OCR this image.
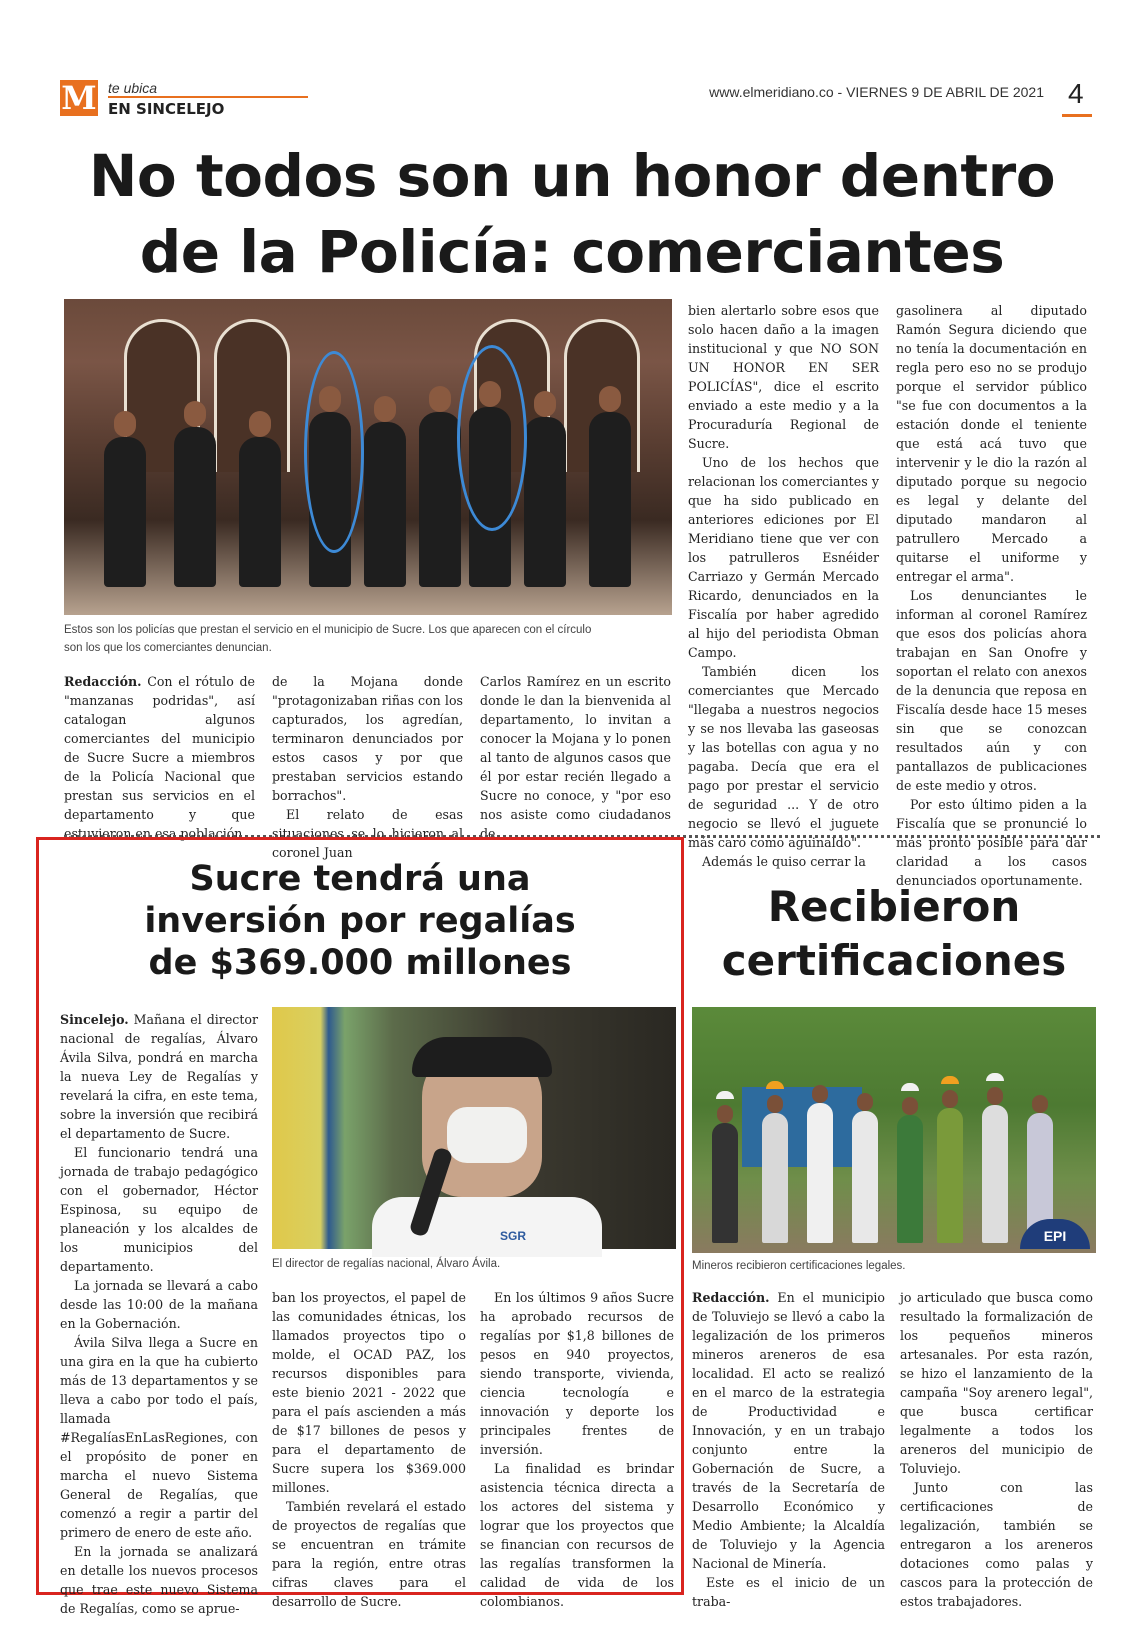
M te ubica
EN SINCELEJO
www.elmeridiano.co - VIERNES 9 DE ABRIL DE 2021 4
No todos son un honor dentro
de la Policía: comerciantes
Estos son los policías que prestan el servicio en el municipio de Sucre. Los que aparecen con el círculo
son los que los comerciantes denuncian.

Redacción. Con el rótulo de "manzanas podridas", así catalogan algunos comerciantes del municipio de Sucre Sucre a miembros de la Policía Nacional que prestan sus servicios en el departamento y que estuvieron en esa población

de la Mojana donde "protagonizaban riñas con los capturados, los agredían, terminaron denunciados por estos casos y por que prestaban servicios estando borrachos".

El relato de esas situaciones se lo hicieron al coronel Juan

Carlos Ramírez en un escrito donde le dan la bienvenida al departamento, lo invitan a conocer la Mojana y lo ponen al tanto de algunos casos que él por estar recién llegado a Sucre no conoce, y "por eso nos asiste como ciudadanos de

bien alertarlo sobre esos que solo hacen daño a la imagen institucional y que NO SON UN HONOR EN SER POLICÍAS", dice el escrito enviado a este medio y a la Procuraduría Regional de Sucre.

Uno de los hechos que relacionan los comerciantes y que ha sido publicado en anteriores ediciones por El Meridiano tiene que ver con los patrulleros Esnéider Carriazo y Germán Mercado Ricardo, denunciados en la Fiscalía por haber agredido al hijo del periodista Obman Campo.

También dicen los comerciantes que Mercado "llegaba a nuestros negocios y se nos llevaba las gaseosas y las botellas con agua y no pagaba. Decía que era el pago por prestar el servicio de seguridad ... Y de otro negocio se llevó el juguete más caro como aguinaldo".

Además le quiso cerrar la

gasolinera al diputado Ramón Segura diciendo que no tenía la documentación en regla pero eso no se produjo porque el servidor público "se fue con documentos a la estación donde el teniente que está acá tuvo que intervenir y le dio la razón al diputado porque su negocio es legal y delante del diputado mandaron al patrullero Mercado a quitarse el uniforme y entregar el arma".

Los denunciantes le informan al coronel Ramírez que esos dos policías ahora trabajan en San Onofre y soportan el relato con anexos de la denuncia que reposa en Fiscalía desde hace 15 meses sin que se conozcan resultados aún y con pantallazos de publicaciones de este medio y otros.

Por esto último piden a la Fiscalía que se pronuncié lo más pronto posible para dar claridad a los casos denunciados oportunamente.

Sucre tendrá una
inversión por regalías
de $369.000 millones
SGR
El director de regalías nacional, Álvaro Ávila.

Sincelejo. Mañana el director nacional de regalías, Álvaro Ávila Silva, pondrá en marcha la nueva Ley de Regalías y revelará la cifra, en este tema, sobre la inversión que recibirá el departamento de Sucre.

El funcionario tendrá una jornada de trabajo pedagógico con el gobernador, Héctor Espinosa, su equipo de planeación y los alcaldes de los municipios del departamento.

La jornada se llevará a cabo desde las 10:00 de la mañana en la Gobernación.

Ávila Silva llega a Sucre en una gira en la que ha cubierto más de 13 departamentos y se lleva a cabo por todo el país, llamada #RegalíasEnLasRegiones, con el propósito de poner en marcha el nuevo Sistema General de Regalías, que comenzó a regir a partir del primero de enero de este año.

En la jornada se analizará en detalle los nuevos procesos que trae este nuevo Sistema de Regalías, como se aprue-

ban los proyectos, el papel de las comunidades étnicas, los llamados proyectos tipo o molde, el OCAD PAZ, los recursos disponibles para este bienio 2021 - 2022 que para el país ascienden a más de $17 billones de pesos y para el departamento de Sucre supera los $369.000 millones.

También revelará el estado de proyectos de regalías que se encuentran en trámite para la región, entre otras cifras claves para el desarrollo de Sucre.

En los últimos 9 años Sucre ha aprobado recursos de regalías por $1,8 billones de pesos en 940 proyectos, siendo transporte, vivienda, ciencia tecnología e innovación y deporte los principales frentes de inversión.

La finalidad es brindar asistencia técnica directa a los actores del sistema y lograr que los proyectos que se financian con recursos de las regalías transformen la calidad de vida de los colombianos.

Recibieron
certificaciones
EPI
Mineros recibieron certificaciones legales.

Redacción. En el municipio de Toluviejo se llevó a cabo la legalización de los primeros mineros areneros de esa localidad. El acto se realizó en el marco de la estrategia de Productividad e Innovación, y en un trabajo conjunto entre la Gobernación de Sucre, a través de la Secretaría de Desarrollo Económico y Medio Ambiente; la Alcaldía de Toluviejo y la Agencia Nacional de Minería.

Este es el inicio de un traba-

jo articulado que busca como resultado la formalización de los pequeños mineros artesanales. Por esta razón, se hizo el lanzamiento de la campaña "Soy arenero legal", que busca certificar legalmente a todos los areneros del municipio de Toluviejo.

Junto con las certificaciones de legalización, también se entregaron a los areneros dotaciones como palas y cascos para la protección de estos trabajadores.
